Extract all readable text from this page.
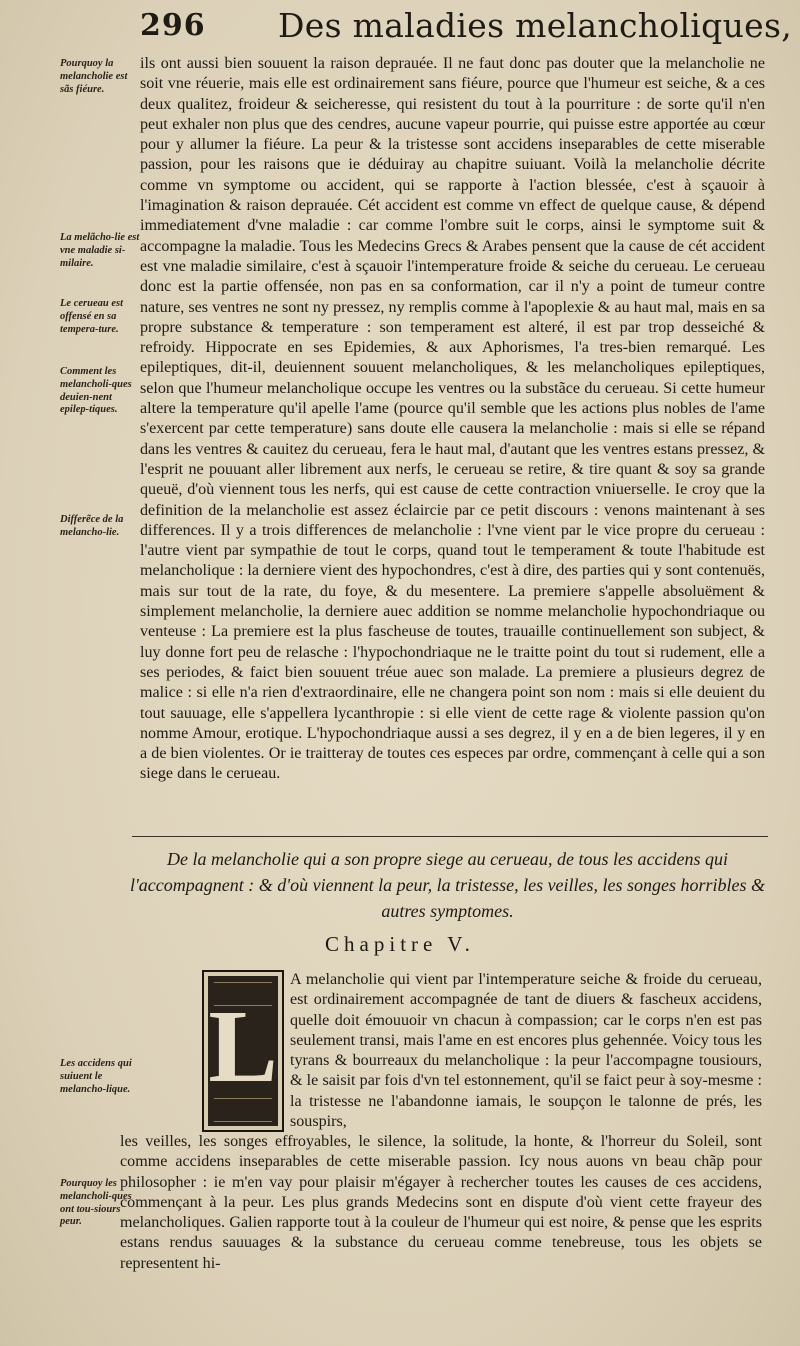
296 Des maladies melancholiques,
Pourquoy la melancholie est sãs fiéure.
La melãcho-lie est vne maladie si-milaire.
Le cerueau est offensé en sa tempera-ture.
Comment les melancholi-ques deuien-nent epilep-tiques.
Differẽce de la melancho-lie.
Les accidens qui suiuent le melancho-lique.
Pourquoy les melancholi-ques ont tou-siours peur.

ils ont aussi bien souuent la raison deprauée. Il ne faut donc pas douter que la melancholie ne soit vne réuerie, mais elle est ordinairement sans fiéure, pource que l'humeur est seiche, & a ces deux qualitez, froideur & seicheresse, qui resistent du tout à la pourriture : de sorte qu'il n'en peut exhaler non plus que des cendres, aucune vapeur pourrie, qui puisse estre apportée au cœur pour y allumer la fiéure. La peur & la tristesse sont accidens inseparables de cette miserable passion, pour les raisons que ie déduiray au chapitre suiuant. Voilà la melancholie décrite comme vn symptome ou accident, qui se rapporte à l'action blessée, c'est à sçauoir à l'imagination & raison deprauée. Cét accident est comme vn effect de quelque cause, & dépend immediatement d'vne maladie : car comme l'ombre suit le corps, ainsi le symptome suit & accompagne la maladie. Tous les Medecins Grecs & Arabes pensent que la cause de cét accident est vne maladie similaire, c'est à sçauoir l'intemperature froide & seiche du cerueau. Le cerueau donc est la partie offensée, non pas en sa conformation, car il n'y a point de tumeur contre nature, ses ventres ne sont ny pressez, ny remplis comme à l'apoplexie & au haut mal, mais en sa propre substance & temperature : son temperament est alteré, il est par trop desseiché & refroidy. Hippocrate en ses Epidemies, & aux Aphorismes, l'a tres-bien remarqué. Les epileptiques, dit-il, deuiennent souuent melancholiques, & les melancholiques epileptiques, selon que l'humeur melancholique occupe les ventres ou la substãce du cerueau. Si cette humeur altere la temperature qu'il apelle l'ame (pource qu'il semble que les actions plus nobles de l'ame s'exercent par cette temperature) sans doute elle causera la melancholie : mais si elle se répand dans les ventres & cauitez du cerueau, fera le haut mal, d'autant que les ventres estans pressez, & l'esprit ne pouuant aller librement aux nerfs, le cerueau se retire, & tire quant & soy sa grande queuë, d'où viennent tous les nerfs, qui est cause de cette contraction vniuerselle. Ie croy que la definition de la melancholie est assez éclaircie par ce petit discours : venons maintenant à ses differences. Il y a trois differences de melancholie : l'vne vient par le vice propre du cerueau : l'autre vient par sympathie de tout le corps, quand tout le temperament & toute l'habitude est melancholique : la derniere vient des hypochondres, c'est à dire, des parties qui y sont contenuës, mais sur tout de la rate, du foye, & du mesentere. La premiere s'appelle absoluëment & simplement melancholie, la derniere auec addition se nomme melancholie hypochondriaque ou venteuse : La premiere est la plus fascheuse de toutes, trauaille continuellement son subject, & luy donne fort peu de relasche : l'hypochondriaque ne le traitte point du tout si rudement, elle a ses periodes, & faict bien souuent tréue auec son malade. La premiere a plusieurs degrez de malice : si elle n'a rien d'extraordinaire, elle ne changera point son nom : mais si elle deuient du tout sauuage, elle s'appellera lycanthropie : si elle vient de cette rage & violente passion qu'on nomme Amour, erotique. L'hypochondriaque aussi a ses degrez, il y en a de bien legeres, il y en a de bien violentes. Or ie traitteray de toutes ces especes par ordre, commençant à celle qui a son siege dans le cerueau.

De la melancholie qui a son propre siege au cerueau, de tous les accidens qui l'accompagnent : & d'où viennent la peur, la tristesse, les veilles, les songes horribles & autres symptomes.
Chapitre V.
L

A melancholie qui vient par l'intemperature seiche & froide du cerueau, est ordinairement accompagnée de tant de diuers & fascheux accidens, quelle doit émouuoir vn chacun à compassion; car le corps n'en est pas seulement transi, mais l'ame en est encores plus gehennée. Voicy tous les tyrans & bourreaux du melancholique : la peur l'accompagne tousiours, & le saisit par fois d'vn tel estonnement, qu'il se faict peur à soy-mesme : la tristesse ne l'abandonne iamais, le soupçon le talonne de prés, les souspirs,

les veilles, les songes effroyables, le silence, la solitude, la honte, & l'horreur du Soleil, sont comme accidens inseparables de cette miserable passion. Icy nous auons vn beau chãp pour philosopher : ie m'en vay pour plaisir m'égayer à rechercher toutes les causes de ces accidens, commençant à la peur. Les plus grands Medecins sont en dispute d'où vient cette frayeur des melancholiques. Galien rapporte tout à la couleur de l'humeur qui est noire, & pense que les esprits estans rendus sauuages & la substance du cerueau comme tenebreuse, tous les objets se representent hi-
